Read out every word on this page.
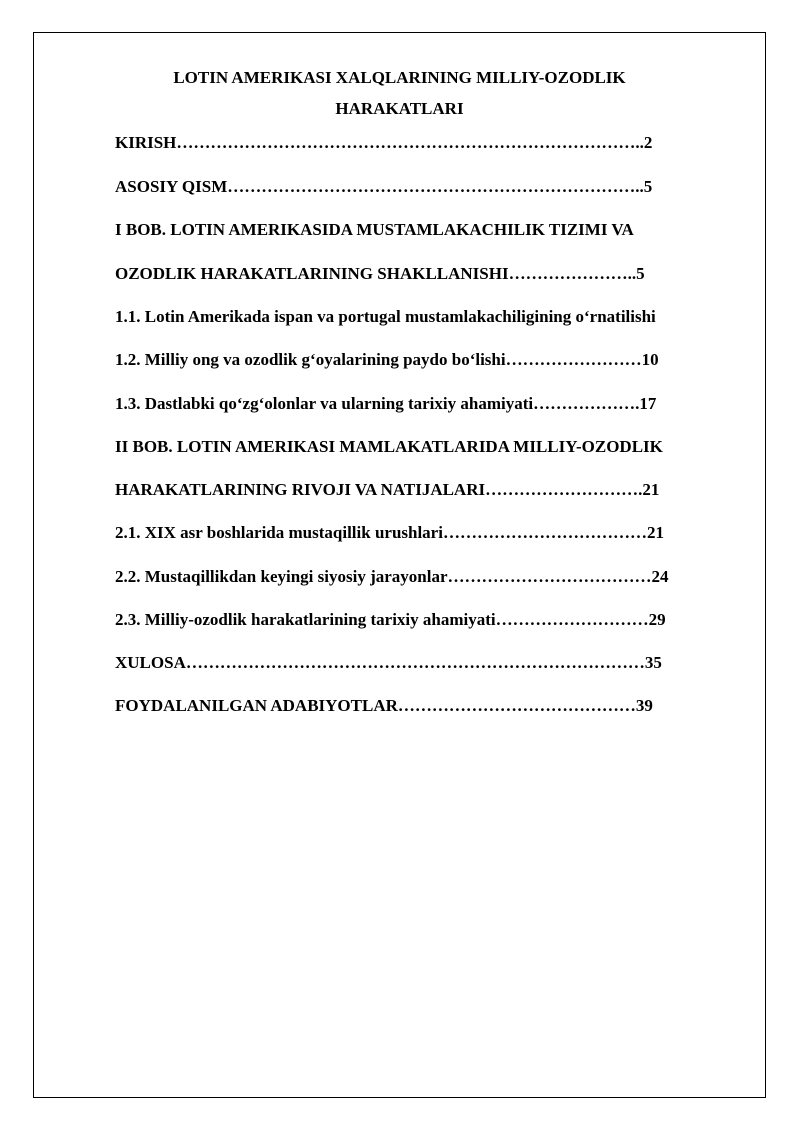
LOTIN AMERIKASI XALQLARINING MILLIY-OZODLIK
HARAKATLARI
KIRISH………………………………………………………………………..2
ASOSIY QISM………………………………………………………………..5
I BOB. LOTIN AMERIKASIDA MUSTAMLAKACHILIK TIZIMI VA
OZODLIK HARAKATLARINING SHAKLLANISHI…………………..5
1.1. Lotin Amerikada ispan va portugal mustamlakachiligining oʻrnatilishi
1.2. Milliy ong va ozodlik gʻoyalarining paydo boʻlishi……………………10
1.3. Dastlabki qoʻzgʻolonlar va ularning tarixiy ahamiyati……………….17
II BOB. LOTIN AMERIKASI MAMLAKATLARIDA MILLIY-OZODLIK
HARAKATLARINING RIVOJI VA NATIJALARI……………………….21
2.1. XIX asr boshlarida mustaqillik urushlari………………………………21
2.2. Mustaqillikdan keyingi siyosiy jarayonlar………………………………24
2.3. Milliy-ozodlik harakatlarining tarixiy ahamiyati………………………29
XULOSA………………………………………………………………………35
FOYDALANILGAN ADABIYOTLAR……………………………………39
